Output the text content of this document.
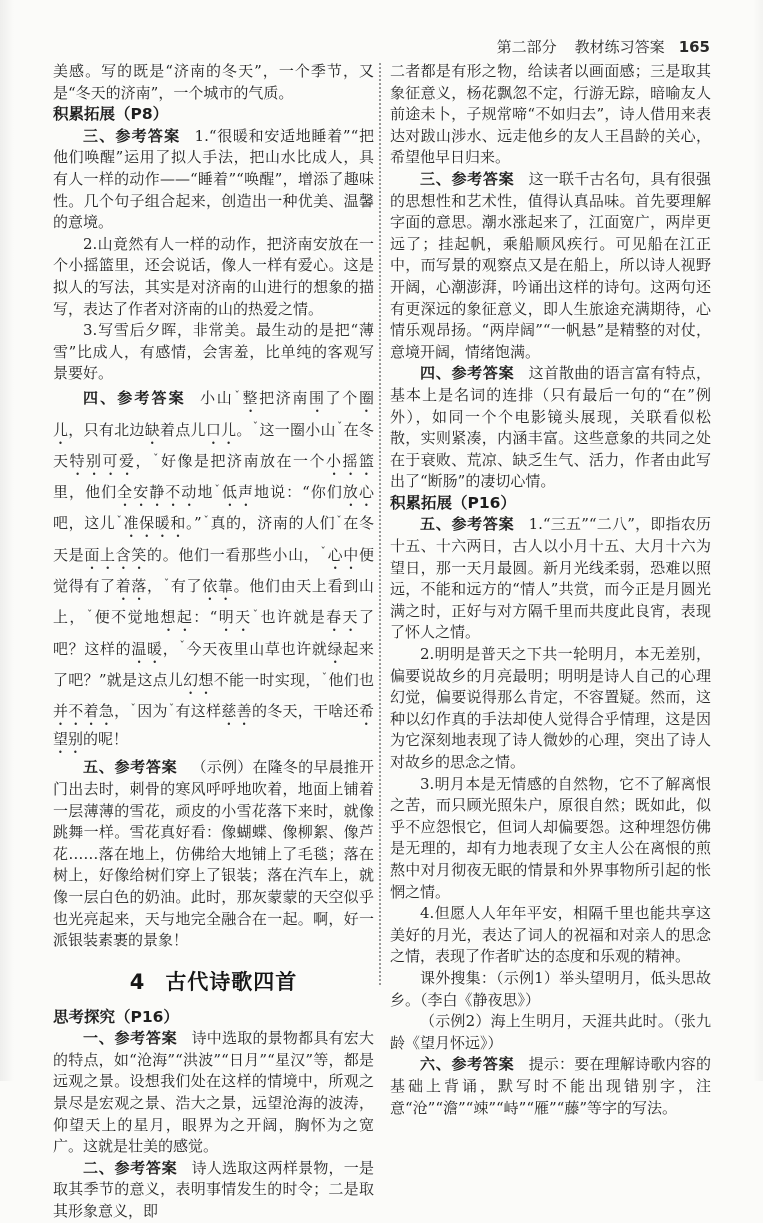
第二部分 教材练习答案 165

美感。写的既是“济南的冬天”，一个季节，又是“冬天的济南”，一个城市的气质。

积累拓展（P8）

三、参考答案 1.“很暖和安适地睡着”“把他们唤醒”运用了拟人手法，把山水比成人，具有人一样的动作——“睡着”“唤醒”，增添了趣味性。几个句子组合起来，创造出一种优美、温馨的意境。

2.山竟然有人一样的动作，把济南安放在一个小摇篮里，还会说话，像人一样有爱心。这是拟人的写法，其实是对济南的山进行的想象的描写，表达了作者对济南的山的热爱之情。

3.写雪后夕晖，非常美。最生动的是把“薄雪”比成人，有感情，会害羞，比单纯的客观写景要好。

四、参考答案 小山$^ˇ$整把济南围了个圈儿，只有北边缺着点儿口儿。$^ˇ$这一圈小山$^ˇ$在冬天特别可爱，$^ˇ$好像是把济南放在一个小摇篮里，他们全安静不动地$^ˇ$低声地说：“你们放心吧，这儿$^ˇ$准保暖和。”$^ˇ$真的，济南的人们$^ˇ$在冬天是面上含笑的。他们一看那些小山，$^ˇ$心中便觉得有了着落，$^ˇ$有了依靠。他们由天上看到山上，$^ˇ$便不觉地想起：“明天$^ˇ$也许就是春天了吧？这样的温暖，$^ˇ$今天夜里山草也许就绿起来了吧？”就是这点儿幻想不能一时实现，$^ˇ$他们也并不着急，$^ˇ$因为$^ˇ$有这样慈善的冬天，干啥还希望别的呢！

五、参考答案 （示例）在隆冬的早晨推开门出去时，刺骨的寒风呼呼地吹着，地面上铺着一层薄薄的雪花，顽皮的小雪花落下来时，就像跳舞一样。雪花真好看：像蝴蝶、像柳絮、像芦花……落在地上，仿佛给大地铺上了毛毯；落在树上，好像给树们穿上了银装；落在汽车上，就像一层白色的奶油。此时，那灰蒙蒙的天空似乎也光亮起来，天与地完全融合在一起。啊，好一派银装素裹的景象！

4 古代诗歌四首

思考探究（P16）

一、参考答案 诗中选取的景物都具有宏大的特点，如“沧海”“洪波”“日月”“星汉”等，都是远观之景。设想我们处在这样的情境中，所观之景尽是宏观之景、浩大之景，远望沧海的波涛，仰望天上的星月，眼界为之开阔，胸怀为之宽广。这就是壮美的感觉。

二、参考答案 诗人选取这两样景物，一是取其季节的意义，表明事情发生的时令；二是取其形象意义，即

二者都是有形之物，给读者以画面感；三是取其象征意义，杨花飘忽不定，行游无踪，暗喻友人前途未卜，子规常啼“不如归去”，诗人借用来表达对跋山涉水、远走他乡的友人王昌龄的关心，希望他早日归来。

三、参考答案 这一联千古名句，具有很强的思想性和艺术性，值得认真品味。首先要理解字面的意思。潮水涨起来了，江面宽广，两岸更远了；挂起帆，乘船顺风疾行。可见船在江正中，而写景的观察点又是在船上，所以诗人视野开阔，心潮澎湃，吟诵出这样的诗句。这两句还有更深远的象征意义，即人生旅途充满期待，心情乐观昂扬。“两岸阔”“一帆悬”是精整的对仗，意境开阔，情绪饱满。

四、参考答案 这首散曲的语言富有特点，基本上是名词的连排（只有最后一句的“在”例外），如同一个个电影镜头展现，关联看似松散，实则紧凑，内涵丰富。这些意象的共同之处在于衰败、荒凉、缺乏生气、活力，作者由此写出了“断肠”的凄切心情。

积累拓展（P16）

五、参考答案 1.“三五”“二八”，即指农历十五、十六两日，古人以小月十五、大月十六为望日，那一天月最圆。新月光线柔弱，恐难以照远，不能和远方的“情人”共赏，而今正是月圆光满之时，正好与对方隔千里而共度此良宵，表现了怀人之情。

2.明明是普天之下共一轮明月，本无差别，偏要说故乡的月亮最明；明明是诗人自己的心理幻觉，偏要说得那么肯定，不容置疑。然而，这种以幻作真的手法却使人觉得合乎情理，这是因为它深刻地表现了诗人微妙的心理，突出了诗人对故乡的思念之情。

3.明月本是无情感的自然物，它不了解离恨之苦，而只顾光照朱户，原很自然；既如此，似乎不应怨恨它，但词人却偏要怨。这种埋怨仿佛是无理的，却有力地表现了女主人公在离恨的煎熬中对月彻夜无眠的情景和外界事物所引起的怅惘之情。

4.但愿人人年年平安，相隔千里也能共享这美好的月光，表达了词人的祝福和对亲人的思念之情，表现了作者旷达的态度和乐观的精神。

课外搜集：（示例1）举头望明月，低头思故乡。（李白《静夜思》）

（示例2）海上生明月，天涯共此时。（张九龄《望月怀远》）

六、参考答案 提示：要在理解诗歌内容的基础上背诵，默写时不能出现错别字，注意“沧”“澹”“竦”“峙”“雁”“藤”等字的写法。
